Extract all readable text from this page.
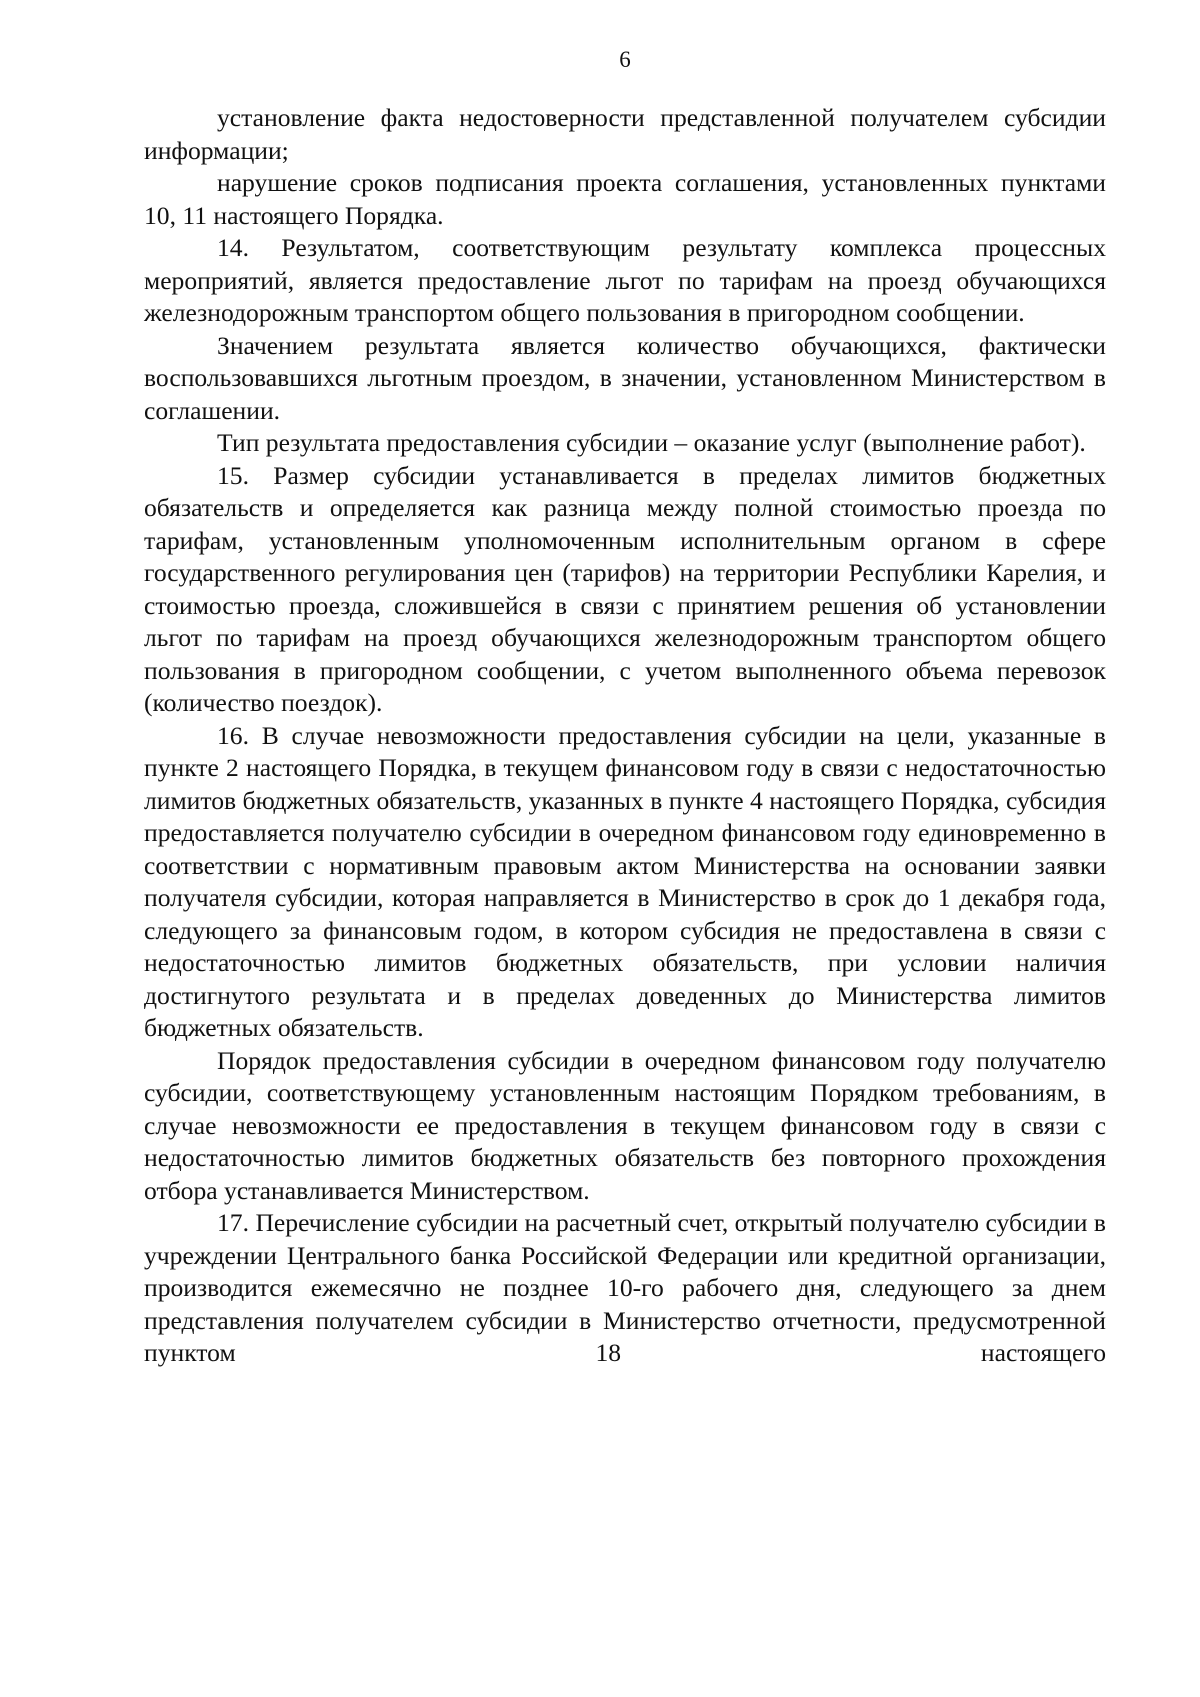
6

установление факта недостоверности представленной получателем субсидии информации;

нарушение сроков подписания проекта соглашения, установленных пунктами 10, 11 настоящего Порядка.

14. Результатом, соответствующим результату комплекса процессных мероприятий, является предоставление льгот по тарифам на проезд обучающихся железнодорожным транспортом общего пользования в пригородном сообщении.

Значением результата является количество обучающихся, фактически воспользовавшихся льготным проездом, в значении, установленном Министерством в соглашении.

Тип результата предоставления субсидии – оказание услуг (выполнение работ).

15. Размер субсидии устанавливается в пределах лимитов бюджетных обязательств и определяется как разница между полной стоимостью проезда по тарифам, установленным уполномоченным исполнительным органом в сфере государственного регулирования цен (тарифов) на территории Республики Карелия, и стоимостью проезда, сложившейся в связи с принятием решения об установлении льгот по тарифам на проезд обучающихся железнодорожным транспортом общего пользования в пригородном сообщении, с учетом выполненного объема перевозок (количество поездок).

16. В случае невозможности предоставления субсидии на цели, указанные в пункте 2 настоящего Порядка, в текущем финансовом году в связи с недостаточностью лимитов бюджетных обязательств, указанных в пункте 4 настоящего Порядка, субсидия предоставляется получателю субсидии в очередном финансовом году единовременно в соответствии с нормативным правовым актом Министерства на основании заявки получателя субсидии, которая направляется в Министерство в срок до 1 декабря года, следующего за финансовым годом, в котором субсидия не предоставлена в связи с недостаточностью лимитов бюджетных обязательств, при условии наличия достигнутого результата и в пределах доведенных до Министерства лимитов бюджетных обязательств.

Порядок предоставления субсидии в очередном финансовом году получателю субсидии, соответствующему установленным настоящим Порядком требованиям, в случае невозможности ее предоставления в текущем финансовом году в связи с недостаточностью лимитов бюджетных обязательств без повторного прохождения отбора устанавливается Министерством.

17. Перечисление субсидии на расчетный счет, открытый получателю субсидии в учреждении Центрального банка Российской Федерации или кредитной организации, производится ежемесячно не позднее 10-го рабочего дня, следующего за днем представления получателем субсидии в Министерство отчетности, предусмотренной пунктом 18 настоящего
